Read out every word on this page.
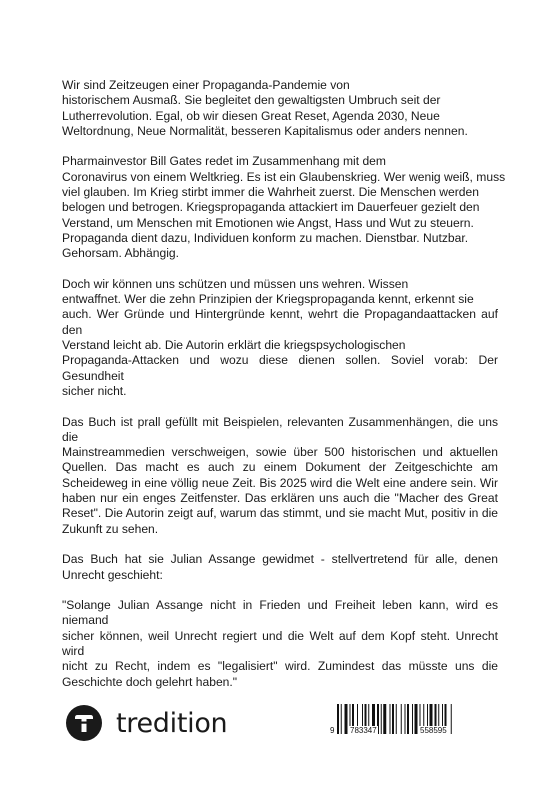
Wir sind Zeitzeugen einer Propaganda-Pandemie von
historischem Ausmaß. Sie begleitet den gewaltigsten Umbruch seit der
Lutherrevolution. Egal, ob wir diesen Great Reset, Agenda 2030, Neue
Weltordnung, Neue Normalität, besseren Kapitalismus oder anders nennen.
Pharmainvestor Bill Gates redet im Zusammenhang mit dem
Coronavirus von einem Weltkrieg. Es ist ein Glaubenskrieg. Wer wenig weiß, muss
viel glauben. Im Krieg stirbt immer die Wahrheit zuerst. Die Menschen werden
belogen und betrogen. Kriegspropaganda attackiert im Dauerfeuer gezielt den
Verstand, um Menschen mit Emotionen wie Angst, Hass und Wut zu steuern.
Propaganda dient dazu, Individuen konform zu machen. Dienstbar. Nutzbar.
Gehorsam. Abhängig.
Doch wir können uns schützen und müssen uns wehren. Wissen
entwaffnet. Wer die zehn Prinzipien der Kriegspropaganda kennt, erkennt sie
auch. Wer Gründe und Hintergründe kennt, wehrt die Propagandaattacken auf
den
Verstand leicht ab. Die Autorin erklärt die kriegspsychologischen
Propaganda-Attacken und wozu diese dienen sollen. Soviel vorab: Der
Gesundheit
sicher nicht.
Das Buch ist prall gefüllt mit Beispielen, relevanten Zusammenhängen, die uns die
Mainstreammedien verschweigen, sowie über 500 historischen und aktuellen
Quellen. Das macht es auch zu einem Dokument der Zeitgeschichte am
Scheideweg in eine völlig neue Zeit. Bis 2025 wird die Welt eine andere sein. Wir
haben nur ein enges Zeitfenster. Das erklären uns auch die "Macher des Great
Reset". Die Autorin zeigt auf, warum das stimmt, und sie macht Mut, positiv in die
Zukunft zu sehen.
Das Buch hat sie Julian Assange gewidmet - stellvertretend für alle, denen
Unrecht geschieht:
"Solange Julian Assange nicht in Frieden und Freiheit leben kann, wird es niemand
sicher können, weil Unrecht regiert und die Welt auf dem Kopf steht. Unrecht wird
nicht zu Recht, indem es "legalisiert" wird. Zumindest das müsste uns die
Geschichte doch gelehrt haben."
tredition	9 783347	558595
